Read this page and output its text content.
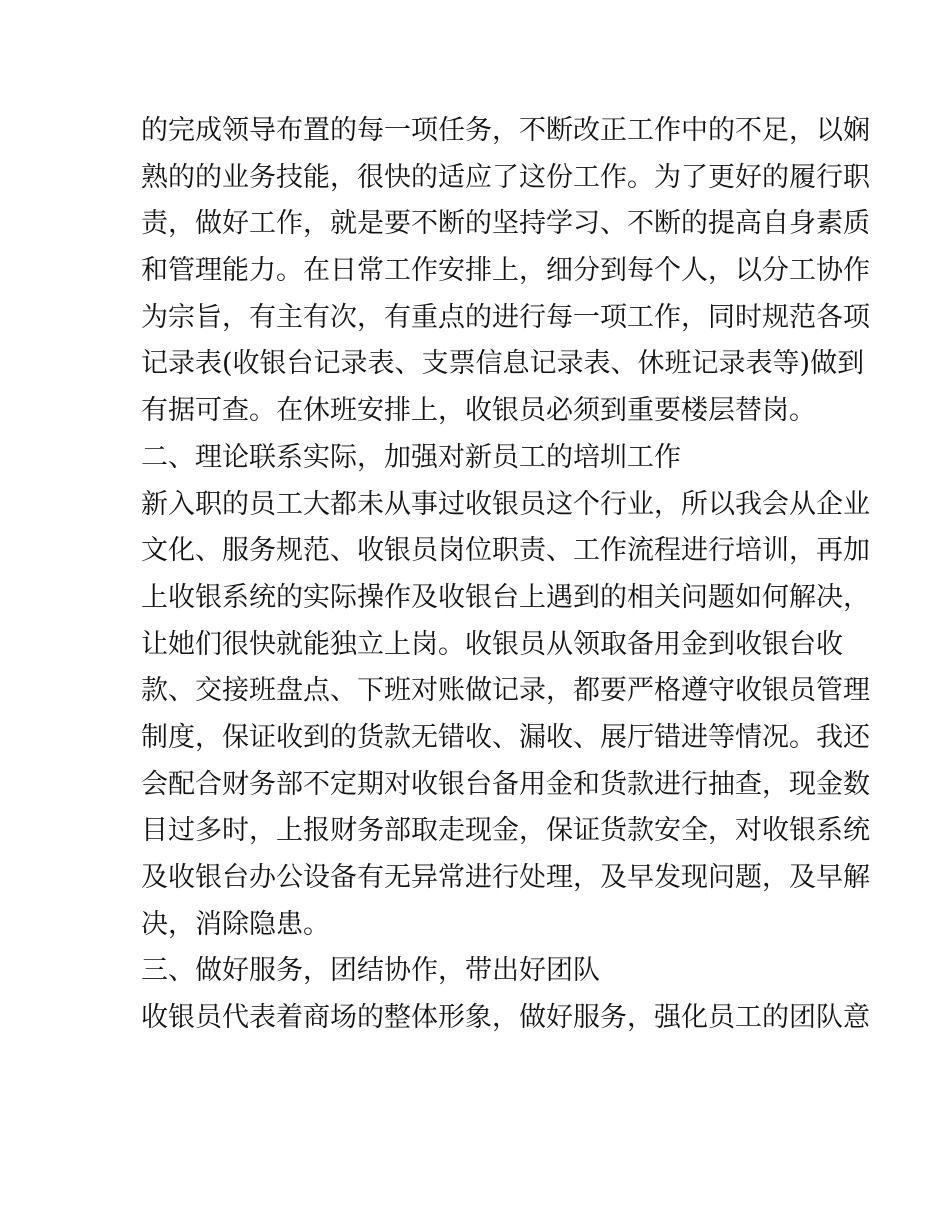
的完成领导布置的每一项任务，不断改正工作中的不足，以娴
熟的的业务技能，很快的适应了这份工作。为了更好的履行职
责，做好工作，就是要不断的坚持学习、不断的提高自身素质
和管理能力。在日常工作安排上，细分到每个人，以分工协作
为宗旨，有主有次，有重点的进行每一项工作，同时规范各项
记录表(收银台记录表、支票信息记录表、休班记录表等)做到
有据可查。在休班安排上，收银员必须到重要楼层替岗。
二、理论联系实际，加强对新员工的培圳工作
新入职的员工大都未从事过收银员这个行业，所以我会从企业
文化、服务规范、收银员岗位职责、工作流程进行培训，再加
上收银系统的实际操作及收银台上遇到的相关问题如何解决，
让她们很快就能独立上岗。收银员从领取备用金到收银台收
款、交接班盘点、下班对账做记录，都要严格遵守收银员管理
制度，保证收到的货款无错收、漏收、展厅错进等情况。我还
会配合财务部不定期对收银台备用金和货款进行抽查，现金数
目过多时，上报财务部取走现金，保证货款安全，对收银系统
及收银台办公设备有无异常进行处理，及早发现问题，及早解
决，消除隐患。
三、做好服务，团结协作，带出好团队
收银员代表着商场的整体形象，做好服务，强化员工的团队意
